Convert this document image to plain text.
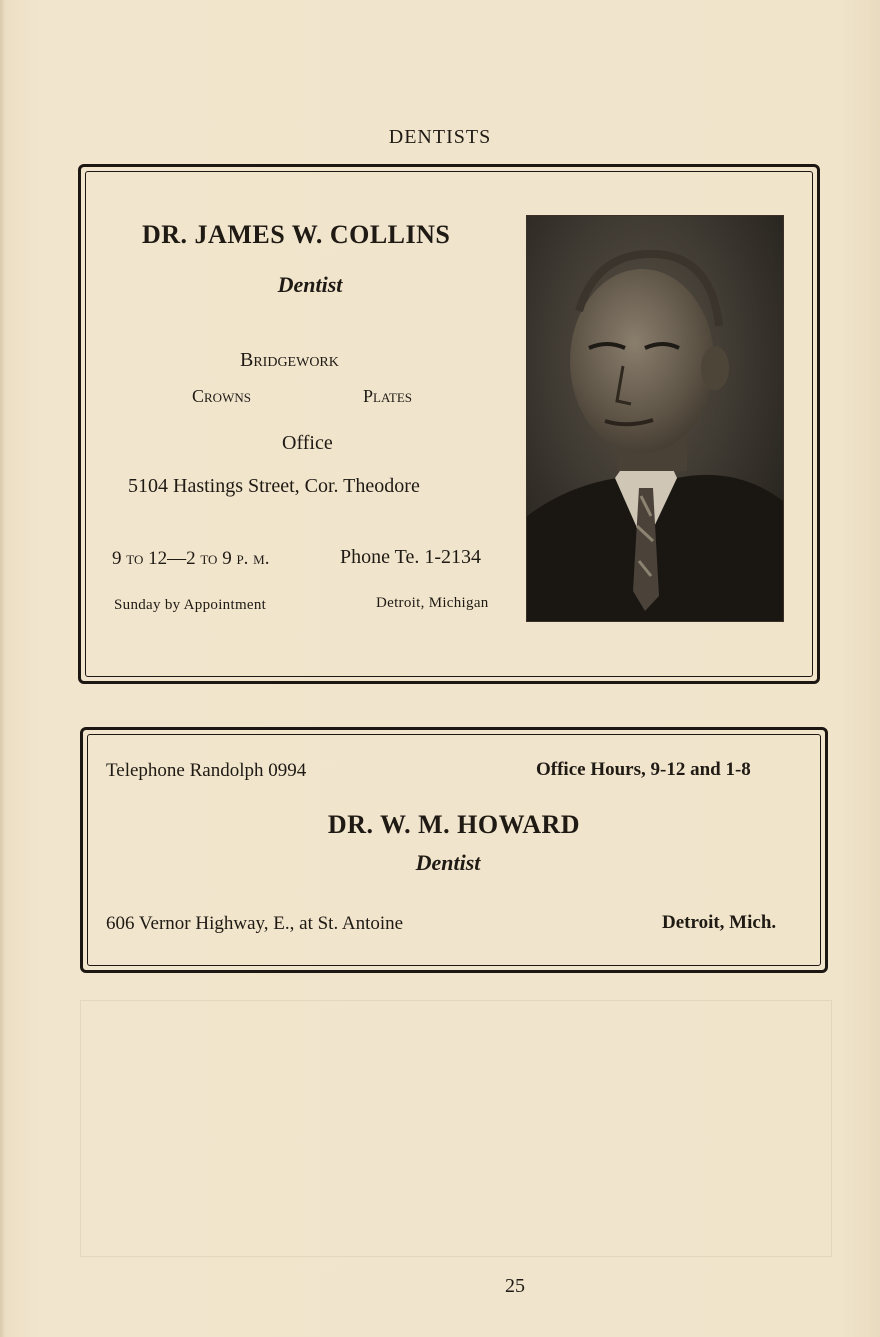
DENTISTS
DR. JAMES W. COLLINS
Dentist
Bridgework
Crowns	Plates
Office
5104 Hastings Street, Cor. Theodore
9 to 12—2 to 9 p. m.	Phone Te. 1-2134
Sunday by Appointment	Detroit, Michigan
Telephone Randolph 0994	Office Hours, 9-12 and 1-8
DR. W. M. HOWARD
Dentist
606 Vernor Highway, E., at St. Antoine	Detroit, Mich.
25
